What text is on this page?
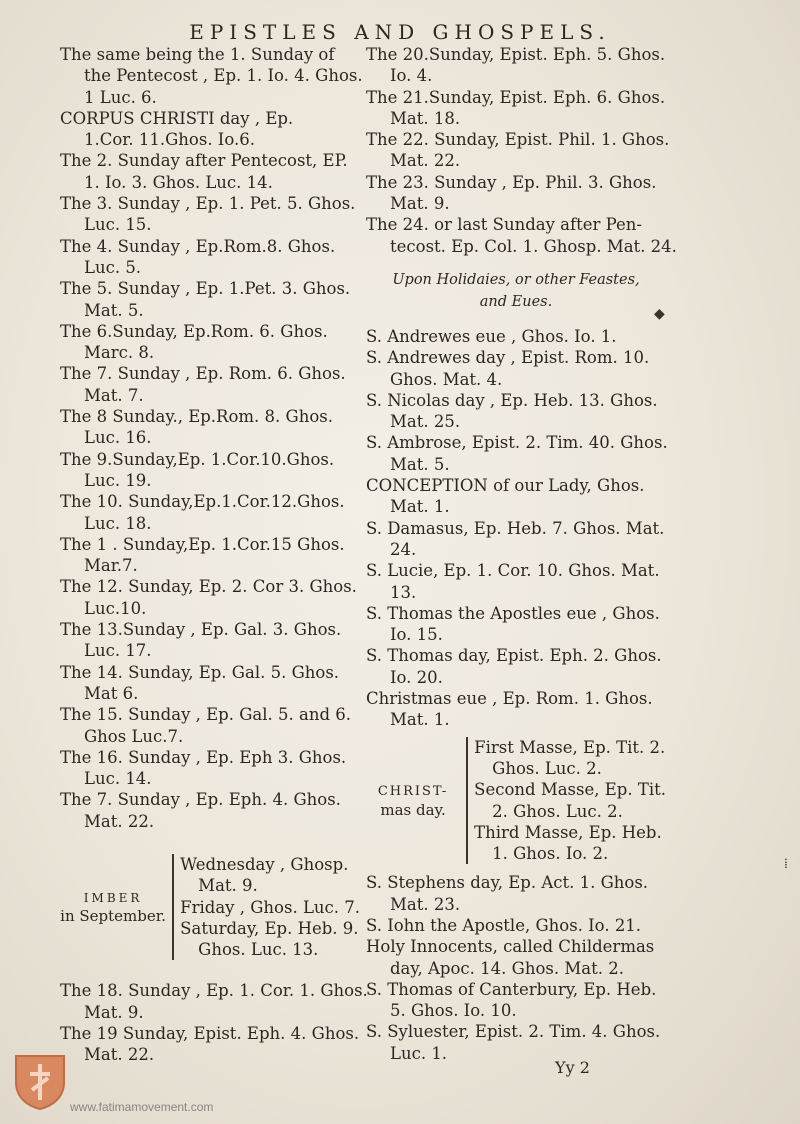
EPISTLES AND GHOSPELS.
The same being the 1. Sunday of
the Pentecost , Ep. 1. Io. 4. Ghos.
1 Luc. 6.
CORPUS CHRISTI day , Ep.
1.Cor. 11.Ghos. Io.6.
The 2. Sunday after Pentecost, EP.
1. Io. 3. Ghos. Luc. 14.
The 3. Sunday , Ep. 1. Pet. 5. Ghos.
Luc. 15.
The 4. Sunday , Ep.Rom.8. Ghos.
Luc. 5.
The 5. Sunday , Ep. 1.Pet. 3. Ghos.
Mat. 5.
The 6.Sunday, Ep.Rom. 6. Ghos.
Marc. 8.
The 7. Sunday , Ep. Rom. 6. Ghos.
Mat. 7.
The 8 Sunday., Ep.Rom. 8. Ghos.
Luc. 16.
The 9.Sunday,Ep. 1.Cor.10.Ghos.
Luc. 19.
The 10. Sunday,Ep.1.Cor.12.Ghos.
Luc. 18.
The 1 . Sunday,Ep. 1.Cor.15 Ghos.
Mar.7.
The 12. Sunday, Ep. 2. Cor 3. Ghos.
Luc.10.
The 13.Sunday , Ep. Gal. 3. Ghos.
Luc. 17.
The 14. Sunday, Ep. Gal. 5. Ghos.
Mat 6.
The 15. Sunday , Ep. Gal. 5. and 6.
Ghos Luc.7.
The 16. Sunday , Ep. Eph 3. Ghos.
Luc. 14.
The 7. Sunday , Ep. Eph. 4. Ghos.
Mat. 22.
IMBER
in September.
Wednesday , Ghosp.
Mat. 9.
Friday , Ghos. Luc. 7.
Saturday, Ep. Heb. 9.
Ghos. Luc. 13.
The 18. Sunday , Ep. 1. Cor. 1. Ghos.
Mat. 9.
The 19 Sunday, Epist. Eph. 4. Ghos.
Mat. 22.
The 20.Sunday, Epist. Eph. 5. Ghos.
Io. 4.
The 21.Sunday, Epist. Eph. 6. Ghos.
Mat. 18.
The 22. Sunday, Epist. Phil. 1. Ghos.
Mat. 22.
The 23. Sunday , Ep. Phil. 3. Ghos.
Mat. 9.
The 24. or last Sunday after Pen-
tecost. Ep. Col. 1. Ghosp. Mat. 24.
Upon Holidaies, or other Feastes,
and Eues.
S. Andrewes eue , Ghos. Io. 1.
S. Andrewes day , Epist. Rom. 10.
Ghos. Mat. 4.
S. Nicolas day , Ep. Heb. 13. Ghos.
Mat. 25.
S. Ambrose, Epist. 2. Tim. 40. Ghos.
Mat. 5.
CONCEPTION of our Lady, Ghos.
Mat. 1.
S. Damasus, Ep. Heb. 7. Ghos. Mat.
24.
S. Lucie, Ep. 1. Cor. 10. Ghos. Mat.
13.
S. Thomas the Apostles eue , Ghos.
Io. 15.
S. Thomas day, Epist. Eph. 2. Ghos.
Io. 20.
Christmas eue , Ep. Rom. 1. Ghos.
Mat. 1.
CHRIST-
mas day.
First Masse, Ep. Tit. 2.
Ghos. Luc. 2.
Second Masse, Ep. Tit.
2. Ghos. Luc. 2.
Third Masse, Ep. Heb.
1. Ghos. Io. 2.
S. Stephens day, Ep. Act. 1. Ghos.
Mat. 23.
S. Iohn the Apostle, Ghos. Io. 21.
Holy Innocents, called Childermas
day, Apoc. 14. Ghos. Mat. 2.
S. Thomas of Canterbury, Ep. Heb.
5. Ghos. Io. 10.
S. Syluester, Epist. 2. Tim. 4. Ghos.
Luc. 1.
◆
⁞
Yy 2
www.fatimamovement.com
